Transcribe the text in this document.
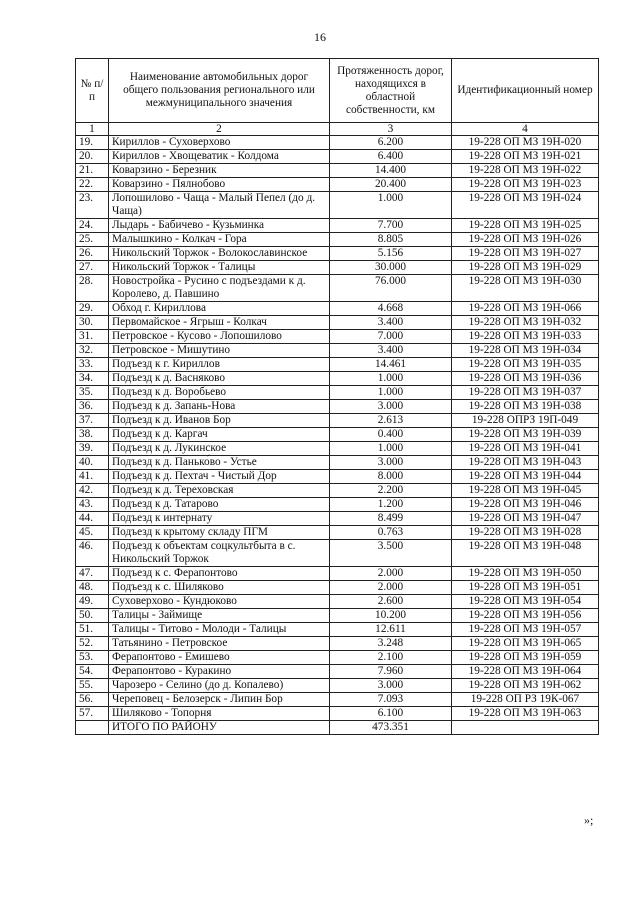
16
№ п/п	Наименование автомобильных дорог общего пользования регионального или межмуниципального значения	Протяженность дорог, находящихся в областной собственности, км	Идентификационный номер
1	2	3	4
19.	Кириллов - Суховерхово	6.200	19-228 ОП МЗ 19Н-020
20.	Кириллов - Хвощеватик - Колдома	6.400	19-228 ОП МЗ 19Н-021
21.	Коварзино - Березник	14.400	19-228 ОП МЗ 19Н-022
22.	Коварзино - Пялнобово	20.400	19-228 ОП МЗ 19Н-023
23.	Лопошилово - Чаща - Малый Пепел (до д. Чаща)	1.000	19-228 ОП МЗ 19Н-024
24.	Лыдарь - Бабичево - Кузьминка	7.700	19-228 ОП МЗ 19Н-025
25.	Малышкино - Колкач - Гора	8.805	19-228 ОП МЗ 19Н-026
26.	Никольский Торжок - Волокославинское	5.156	19-228 ОП МЗ 19Н-027
27.	Никольский Торжок - Талицы	30.000	19-228 ОП МЗ 19Н-029
28.	Новостройка - Русино с подъездами к д. Королево, д. Павшино	76.000	19-228 ОП МЗ 19Н-030
29.	Обход г. Кириллова	4.668	19-228 ОП МЗ 19Н-066
30.	Первомайское - Ягрыш - Колкач	3.400	19-228 ОП МЗ 19Н-032
31.	Петровское - Кусово - Лопошилово	7.000	19-228 ОП МЗ 19Н-033
32.	Петровское - Мишутино	3.400	19-228 ОП МЗ 19Н-034
33.	Подъезд к г. Кириллов	14.461	19-228 ОП МЗ 19Н-035
34.	Подъезд к д. Васняково	1.000	19-228 ОП МЗ 19Н-036
35.	Подъезд к д. Воробьево	1.000	19-228 ОП МЗ 19Н-037
36.	Подъезд к д. Запань-Нова	3.000	19-228 ОП МЗ 19Н-038
37.	Подъезд к д. Иванов Бор	2.613	19-228 ОПРЗ 19П-049
38.	Подъезд к д. Каргач	0.400	19-228 ОП МЗ 19Н-039
39.	Подъезд к д. Лукинское	1.000	19-228 ОП МЗ 19Н-041
40.	Подъезд к д. Панько́во - Устье	3.000	19-228 ОП МЗ 19Н-043
41.	Подъезд к д. Пехтач - Чистый Дор	8.000	19-228 ОП МЗ 19Н-044
42.	Подъезд к д. Тереховская	2.200	19-228 ОП МЗ 19Н-045
43.	Подъезд к д. Татарово	1.200	19-228 ОП МЗ 19Н-046
44.	Подъезд к интернату	8.499	19-228 ОП МЗ 19Н-047
45.	Подъезд к крытому складу ПГМ	0.763	19-228 ОП МЗ 19Н-028
46.	Подъезд к объектам соцкультбыта в с. Никольский Торжок	3.500	19-228 ОП МЗ 19Н-048
47.	Подъезд к с. Ферапонтово	2.000	19-228 ОП МЗ 19Н-050
48.	Подъезд к с. Шиляково	2.000	19-228 ОП МЗ 19Н-051
49.	Суховерхово - Кундюково	2.600	19-228 ОП МЗ 19Н-054
50.	Талицы - Займище	10.200	19-228 ОП МЗ 19Н-056
51.	Талицы - Титово - Молоди - Талицы	12.611	19-228 ОП МЗ 19Н-057
52.	Татьянино - Петровское	3.248	19-228 ОП МЗ 19Н-065
53.	Ферапонтово - Емишево	2.100	19-228 ОП МЗ 19Н-059
54.	Ферапонтово - Куракино	7.960	19-228 ОП МЗ 19Н-064
55.	Чарозеро - Селино (до д. Копалево)	3.000	19-228 ОП МЗ 19Н-062
56.	Череповец - Белозерск - Липин Бор	7.093	19-228 ОП РЗ 19К-067
57.	Шиляково - Топорня	6.100	19-228 ОП МЗ 19Н-063
	ИТОГО ПО РАЙОНУ	473.351	
»;
